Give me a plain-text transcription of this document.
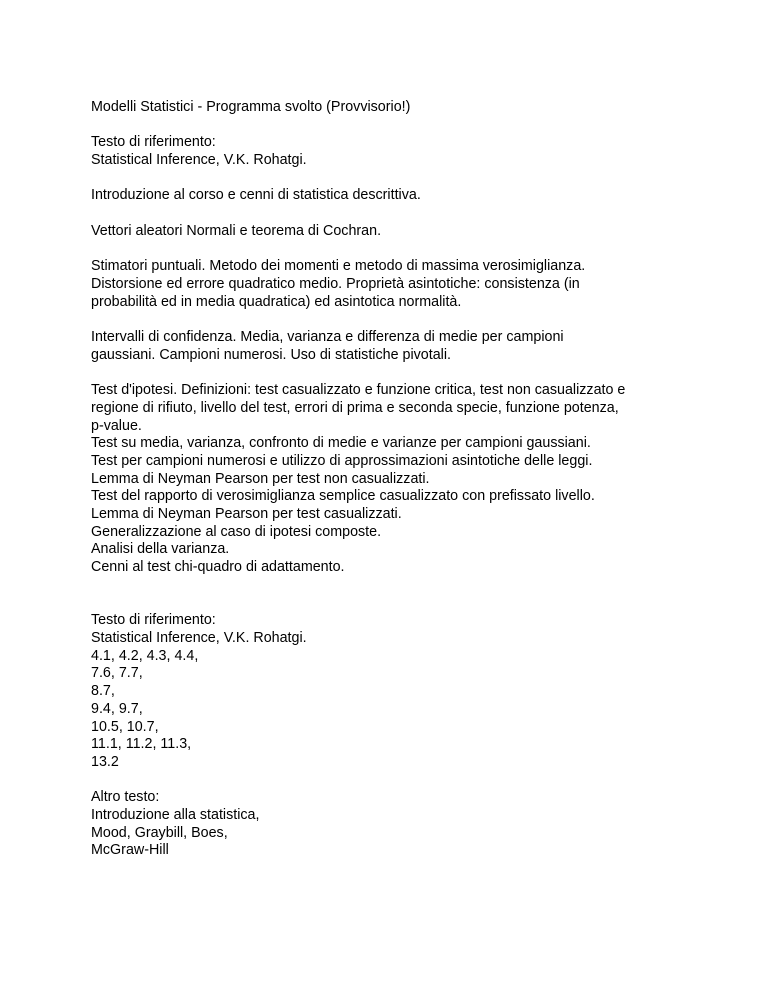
Modelli Statistici - Programma svolto (Provvisorio!)
Testo di riferimento:
Statistical Inference, V.K. Rohatgi.
Introduzione al corso e cenni di statistica descrittiva.
Vettori aleatori Normali e teorema di Cochran.
Stimatori puntuali. Metodo dei momenti e metodo di massima verosimiglianza.
Distorsione ed errore quadratico medio. Proprietà asintotiche: consistenza (in
probabilità ed in media quadratica) ed asintotica normalità.
Intervalli di confidenza. Media, varianza e differenza di medie per campioni
gaussiani. Campioni numerosi. Uso di statistiche pivotali.
Test d'ipotesi. Definizioni: test casualizzato e funzione critica, test non casualizzato e
regione di rifiuto, livello del test, errori di prima e seconda specie, funzione potenza,
p-value.
Test su media, varianza, confronto di medie e varianze per campioni gaussiani.
Test per campioni numerosi e utilizzo di approssimazioni asintotiche delle leggi.
Lemma di Neyman Pearson per test non casualizzati.
Test del rapporto di verosimiglianza semplice casualizzato con prefissato livello.
Lemma di Neyman Pearson per test casualizzati.
Generalizzazione al caso di ipotesi composte.
Analisi della varianza.
Cenni al test chi-quadro di adattamento.
Testo di riferimento:
Statistical Inference, V.K. Rohatgi.
4.1, 4.2, 4.3, 4.4,
7.6, 7.7,
8.7,
9.4, 9.7,
10.5, 10.7,
11.1, 11.2, 11.3,
13.2
Altro testo:
Introduzione alla statistica,
Mood, Graybill, Boes,
McGraw-Hill
